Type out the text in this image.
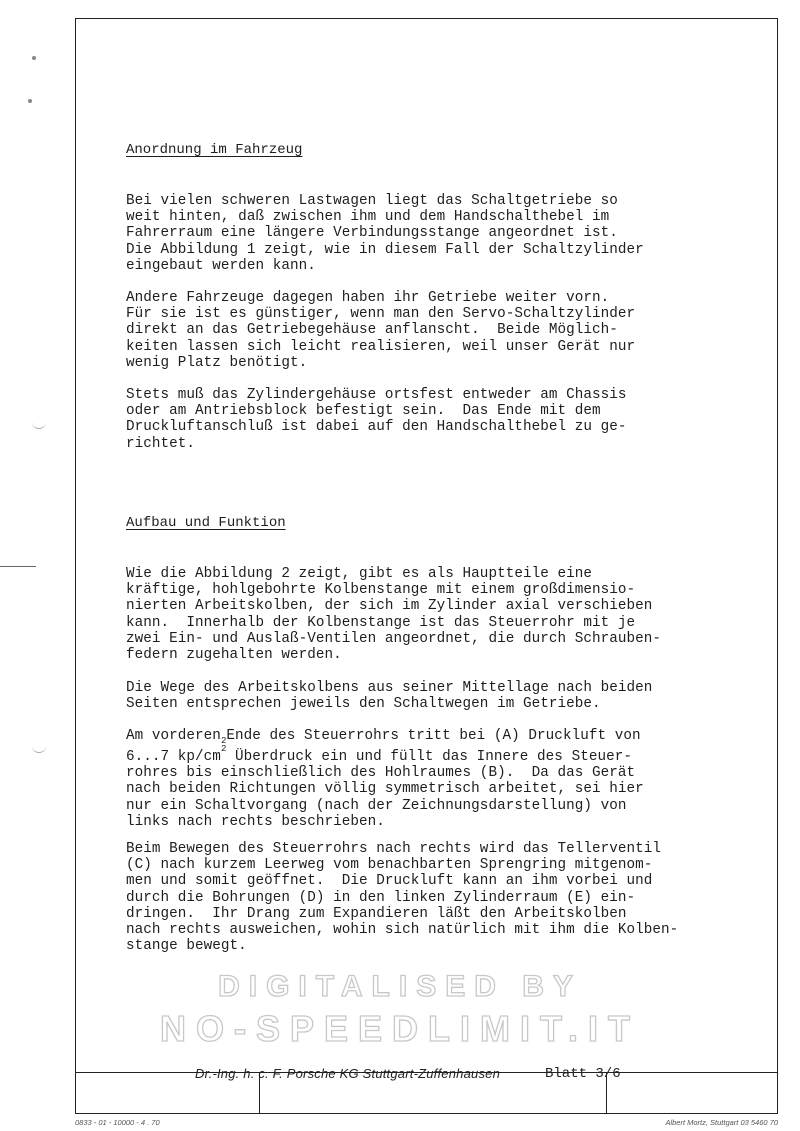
Anordnung im Fahrzeug

Bei vielen schweren Lastwagen liegt das Schaltgetriebe so
weit hinten, daß zwischen ihm und dem Handschalthebel im
Fahrerraum eine längere Verbindungsstange angeordnet ist.
Die Abbildung 1 zeigt, wie in diesem Fall der Schaltzylinder
eingebaut werden kann.

Andere Fahrzeuge dagegen haben ihr Getriebe weiter vorn.
Für sie ist es günstiger, wenn man den Servo-Schaltzylinder
direkt an das Getriebegehäuse anflanscht.  Beide Möglich-
keiten lassen sich leicht realisieren, weil unser Gerät nur
wenig Platz benötigt.

Stets muß das Zylindergehäuse ortsfest entweder am Chassis
oder am Antriebsblock befestigt sein.  Das Ende mit dem
Druckluftanschluß ist dabei auf den Handschalthebel zu ge-
richtet.

Aufbau und Funktion

Wie die Abbildung 2 zeigt, gibt es als Hauptteile eine
kräftige, hohlgebohrte Kolbenstange mit einem großdimensio-
nierten Arbeitskolben, der sich im Zylinder axial verschieben
kann.  Innerhalb der Kolbenstange ist das Steuerrohr mit je
zwei Ein- und Auslaß-Ventilen angeordnet, die durch Schrauben-
federn zugehalten werden.

Die Wege des Arbeitskolbens aus seiner Mittellage nach beiden
Seiten entsprechen jeweils den Schaltwegen im Getriebe.

Am vorderen$_2$Ende des Steuerrohrs tritt bei (A) Druckluft von
6...7 $kp/cm^2$ Überdruck ein und füllt das Innere des Steuer-
rohres bis einschließlich des Hohlraumes (B).  Da das Gerät
nach beiden Richtungen völlig symmetrisch arbeitet, sei hier
nur ein Schaltvorgang (nach der Zeichnungsdarstellung) von
links nach rechts beschrieben.

Beim Bewegen des Steuerrohrs nach rechts wird das Tellerventil
(C) nach kurzem Leerweg vom benachbarten Sprengring mitgenom-
men und somit geöffnet.  Die Druckluft kann an ihm vorbei und
durch die Bohrungen (D) in den linken Zylinderraum (E) ein-
dringen.  Ihr Drang zum Expandieren läßt den Arbeitskolben
nach rechts ausweichen, wohin sich natürlich mit ihm die Kolben-
stange bewegt.

DIGITALISED BY
NO-SPEEDLIMIT.IT
Dr.-Ing. h. c. F. Porsche KG Stuttgart-Zuffenhausen	Blatt 3/6
0833 - 01 - 10000 - 4 . 70	Albert Mortz, Stuttgart 03 5460 70
